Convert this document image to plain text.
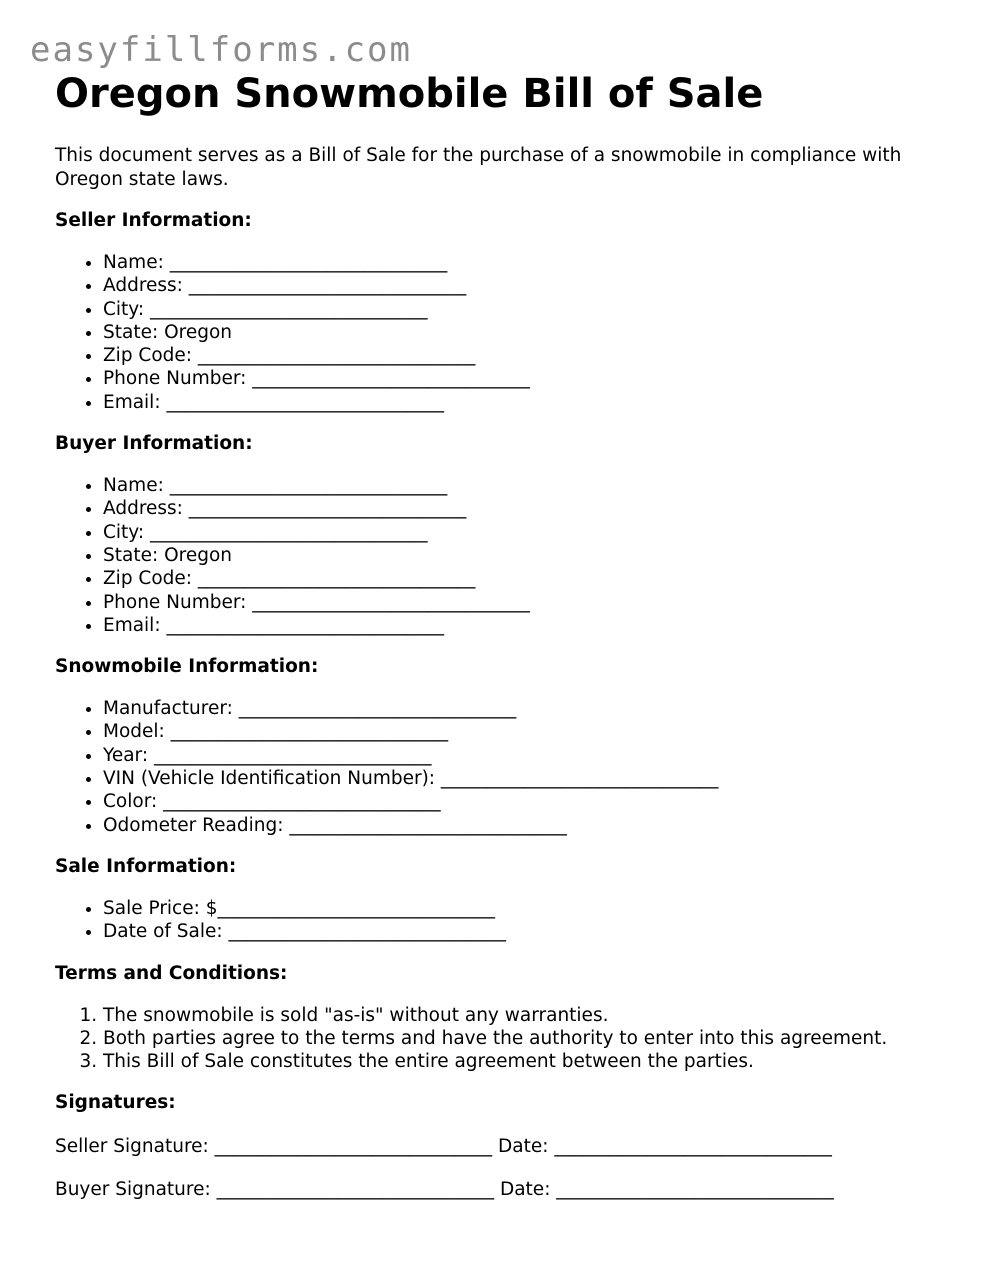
easyfillforms.com
Oregon Snowmobile Bill of Sale

This document serves as a Bill of Sale for the purchase of a snowmobile in compliance with Oregon state laws.

Seller Information:
• Name: ______________________________
• Address: ______________________________
• City: ______________________________
• State: Oregon
• Zip Code: ______________________________
• Phone Number: ______________________________
• Email: ______________________________
Buyer Information:
• Name: ______________________________
• Address: ______________________________
• City: ______________________________
• State: Oregon
• Zip Code: ______________________________
• Phone Number: ______________________________
• Email: ______________________________
Snowmobile Information:
• Manufacturer: ______________________________
• Model: ______________________________
• Year: ______________________________
• VIN (Vehicle Identification Number): ______________________________
• Color: ______________________________
• Odometer Reading: ______________________________
Sale Information:
• Sale Price: $______________________________
• Date of Sale: ______________________________
Terms and Conditions:
1. The snowmobile is sold "as-is" without any warranties.
2. Both parties agree to the terms and have the authority to enter into this agreement.
3. This Bill of Sale constitutes the entire agreement between the parties.
Signatures:

Seller Signature: ______________________________ Date: ______________________________

Buyer Signature: ______________________________ Date: ______________________________
